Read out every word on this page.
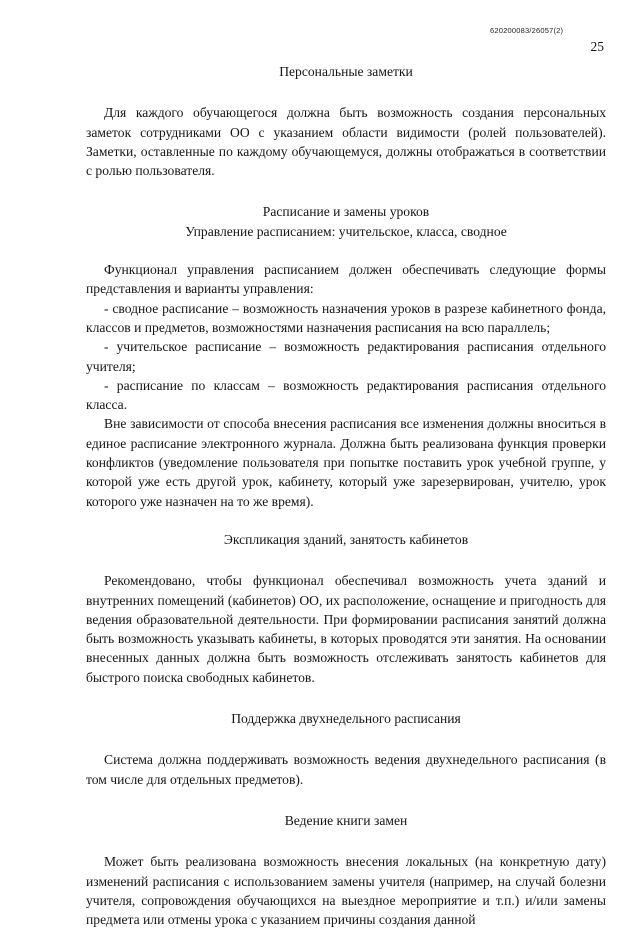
620200083/26057(2)
25

Персональные заметки

Для каждого обучающегося должна быть возможность создания персональных заметок сотрудниками ОО с указанием области видимости (ролей пользователей). Заметки, оставленные по каждому обучающемуся, должны отображаться в соответствии с ролью пользователя.

Расписание и замены уроков

Управление расписанием: учительское, класса, сводное

Функционал управления расписанием должен обеспечивать следующие формы представления и варианты управления:

- сводное расписание – возможность назначения уроков в разрезе кабинетного фонда, классов и предметов, возможностями назначения расписания на всю параллель;

- учительское расписание – возможность редактирования расписания отдельного учителя;

- расписание по классам – возможность редактирования расписания отдельного класса.

Вне зависимости от способа внесения расписания все изменения должны вноситься в единое расписание электронного журнала. Должна быть реализована функция проверки конфликтов (уведомление пользователя при попытке поставить урок учебной группе, у которой уже есть другой урок, кабинету, который уже зарезервирован, учителю, урок которого уже назначен на то же время).

Экспликация зданий, занятость кабинетов

Рекомендовано, чтобы функционал обеспечивал возможность учета зданий и внутренних помещений (кабинетов) ОО, их расположение, оснащение и пригодность для ведения образовательной деятельности. При формировании расписания занятий должна быть возможность указывать кабинеты, в которых проводятся эти занятия. На основании внесенных данных должна быть возможность отслеживать занятость кабинетов для быстрого поиска свободных кабинетов.

Поддержка двухнедельного расписания

Система должна поддерживать возможность ведения двухнедельного расписания (в том числе для отдельных предметов).

Ведение книги замен

Может быть реализована возможность внесения локальных (на конкретную дату) изменений расписания с использованием замены учителя (например, на случай болезни учителя, сопровождения обучающихся на выездное мероприятие и т.п.) и/или замены предмета или отмены урока с указанием причины создания данной
